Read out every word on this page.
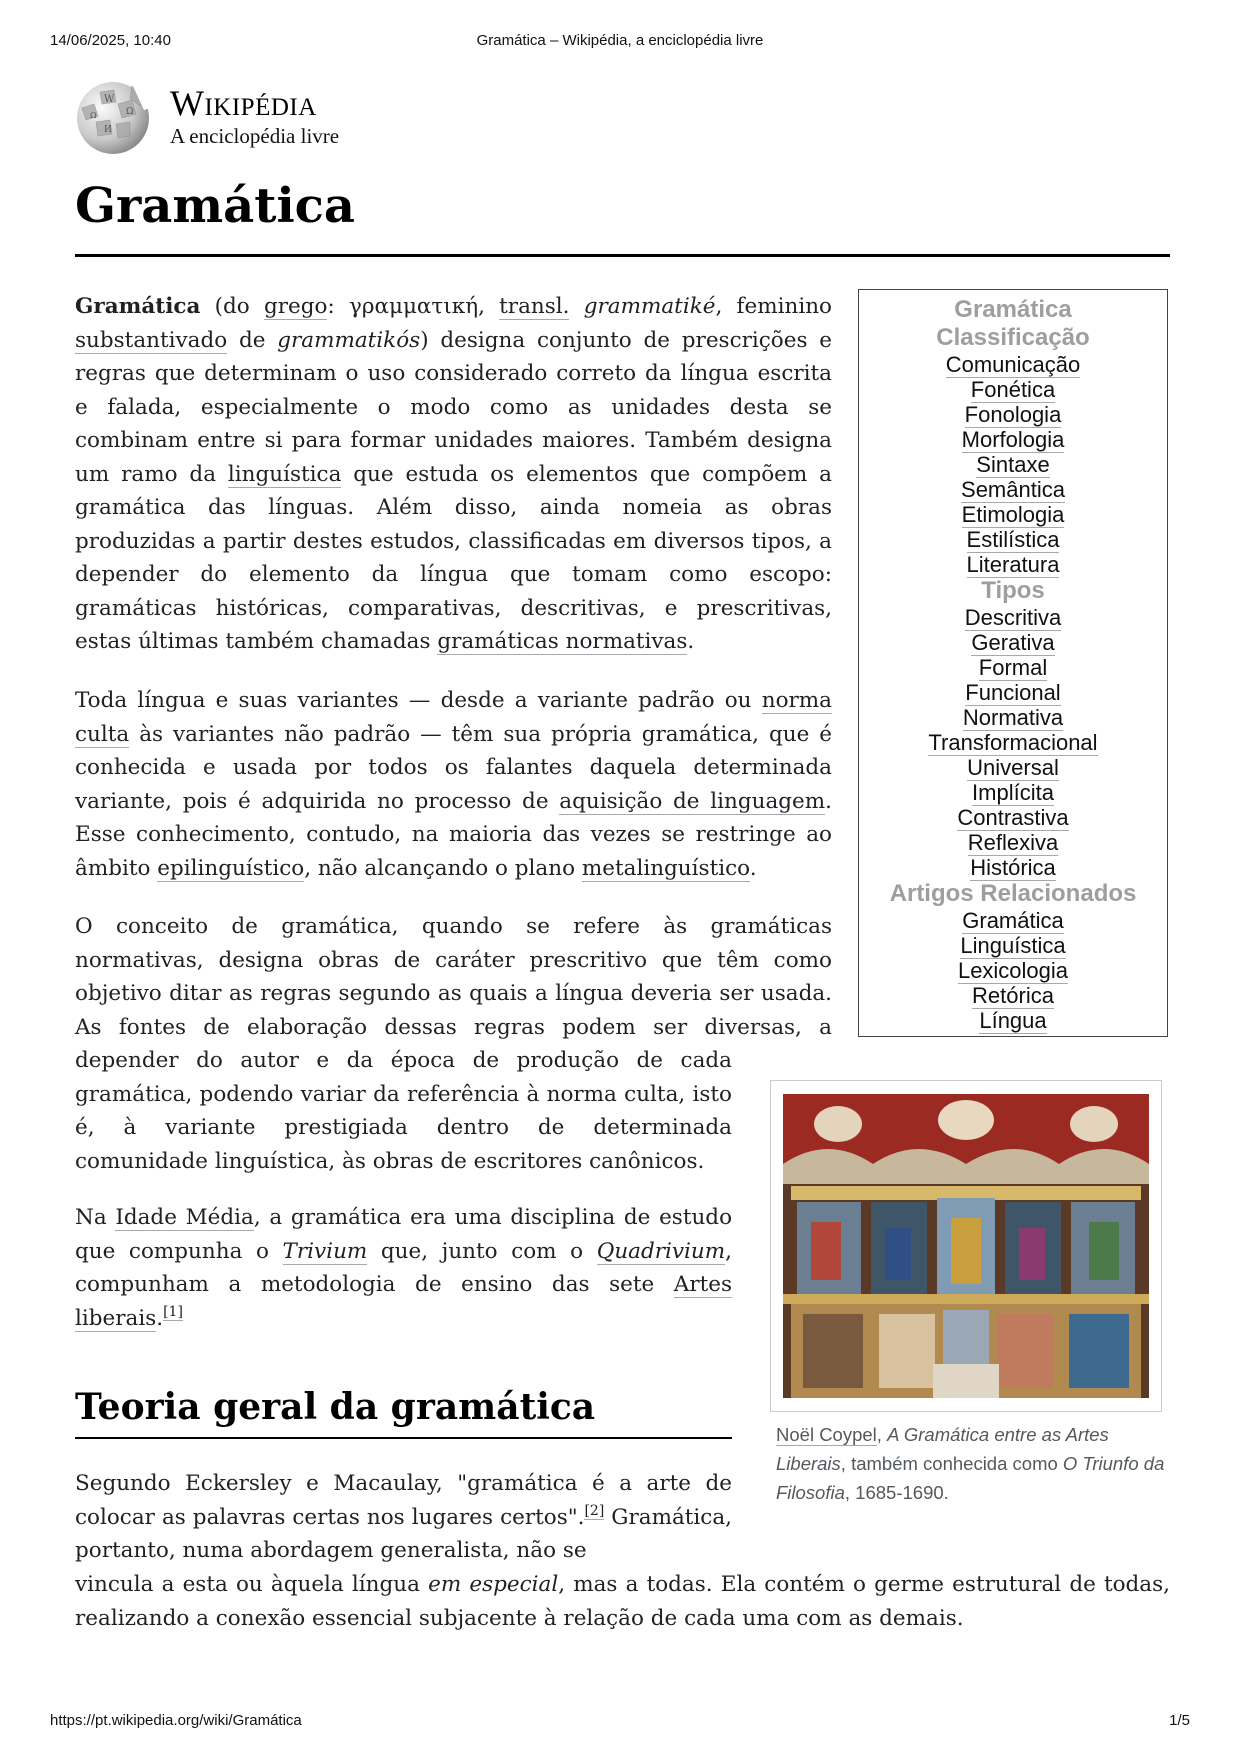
14/06/2025, 10:40	Gramática – Wikipédia, a enciclopédia livre
W
Ω
Ω
И
Wikipédia
A enciclopédia livre
Gramática

Gramática (do grego: γραμματική, transl. grammatiké, feminino substantivado de grammatikós) designa conjunto de prescrições e regras que determinam o uso considerado correto da língua escrita e falada, especialmente o modo como as unidades desta se combinam entre si para formar unidades maiores. Também designa um ramo da linguística que estuda os elementos que compõem a gramática das línguas. Além disso, ainda nomeia as obras produzidas a partir destes estudos, classificadas em diversos tipos, a depender do elemento da língua que tomam como escopo: gramáticas históricas, comparativas, descritivas, e prescritivas, estas últimas também chamadas gramáticas normativas.

Toda língua e suas variantes — desde a variante padrão ou norma culta às variantes não padrão — têm sua própria gramática, que é conhecida e usada por todos os falantes daquela determinada variante, pois é adquirida no processo de aquisição de linguagem. Esse conhecimento, contudo, na maioria das vezes se restringe ao âmbito epilinguístico, não alcançando o plano metalinguístico.

O conceito de gramática, quando se refere às gramáticas normativas, designa obras de caráter prescritivo que têm como objetivo ditar as regras segundo as quais a língua deveria ser usada. As fontes de elaboração dessas regras podem ser diversas, a

depender do autor e da época de produção de cada gramática, podendo variar da referência à norma culta, isto é, à variante prestigiada dentro de determinada comunidade linguística, às obras de escritores canônicos.

Na Idade Média, a gramática era uma disciplina de estudo que compunha o Trivium que, junto com o Quadrivium, compunham a metodologia de ensino das sete Artes liberais.[1]

Teoria geral da gramática

Segundo Eckersley e Macaulay, "gramática é a arte de colocar as palavras certas nos lugares certos".[2] Gramática, portanto, numa abordagem generalista, não se

vincula a esta ou àquela língua em especial, mas a todas. Ela contém o germe estrutural de todas, realizando a conexão essencial subjacente à relação de cada uma com as demais.

Gramática
Classificação
Comunicação
Fonética
Fonologia
Morfologia
Sintaxe
Semântica
Etimologia
Estilística
Literatura
Tipos
Descritiva
Gerativa
Formal
Funcional
Normativa
Transformacional
Universal
Implícita
Contrastiva
Reflexiva
Histórica
Artigos Relacionados
Gramática
Linguística
Lexicologia
Retórica
Língua
Noël Coypel, A Gramática entre as Artes Liberais, também conhecida como O Triunfo da Filosofia, 1685-1690.
https://pt.wikipedia.org/wiki/Gramática	1/5
